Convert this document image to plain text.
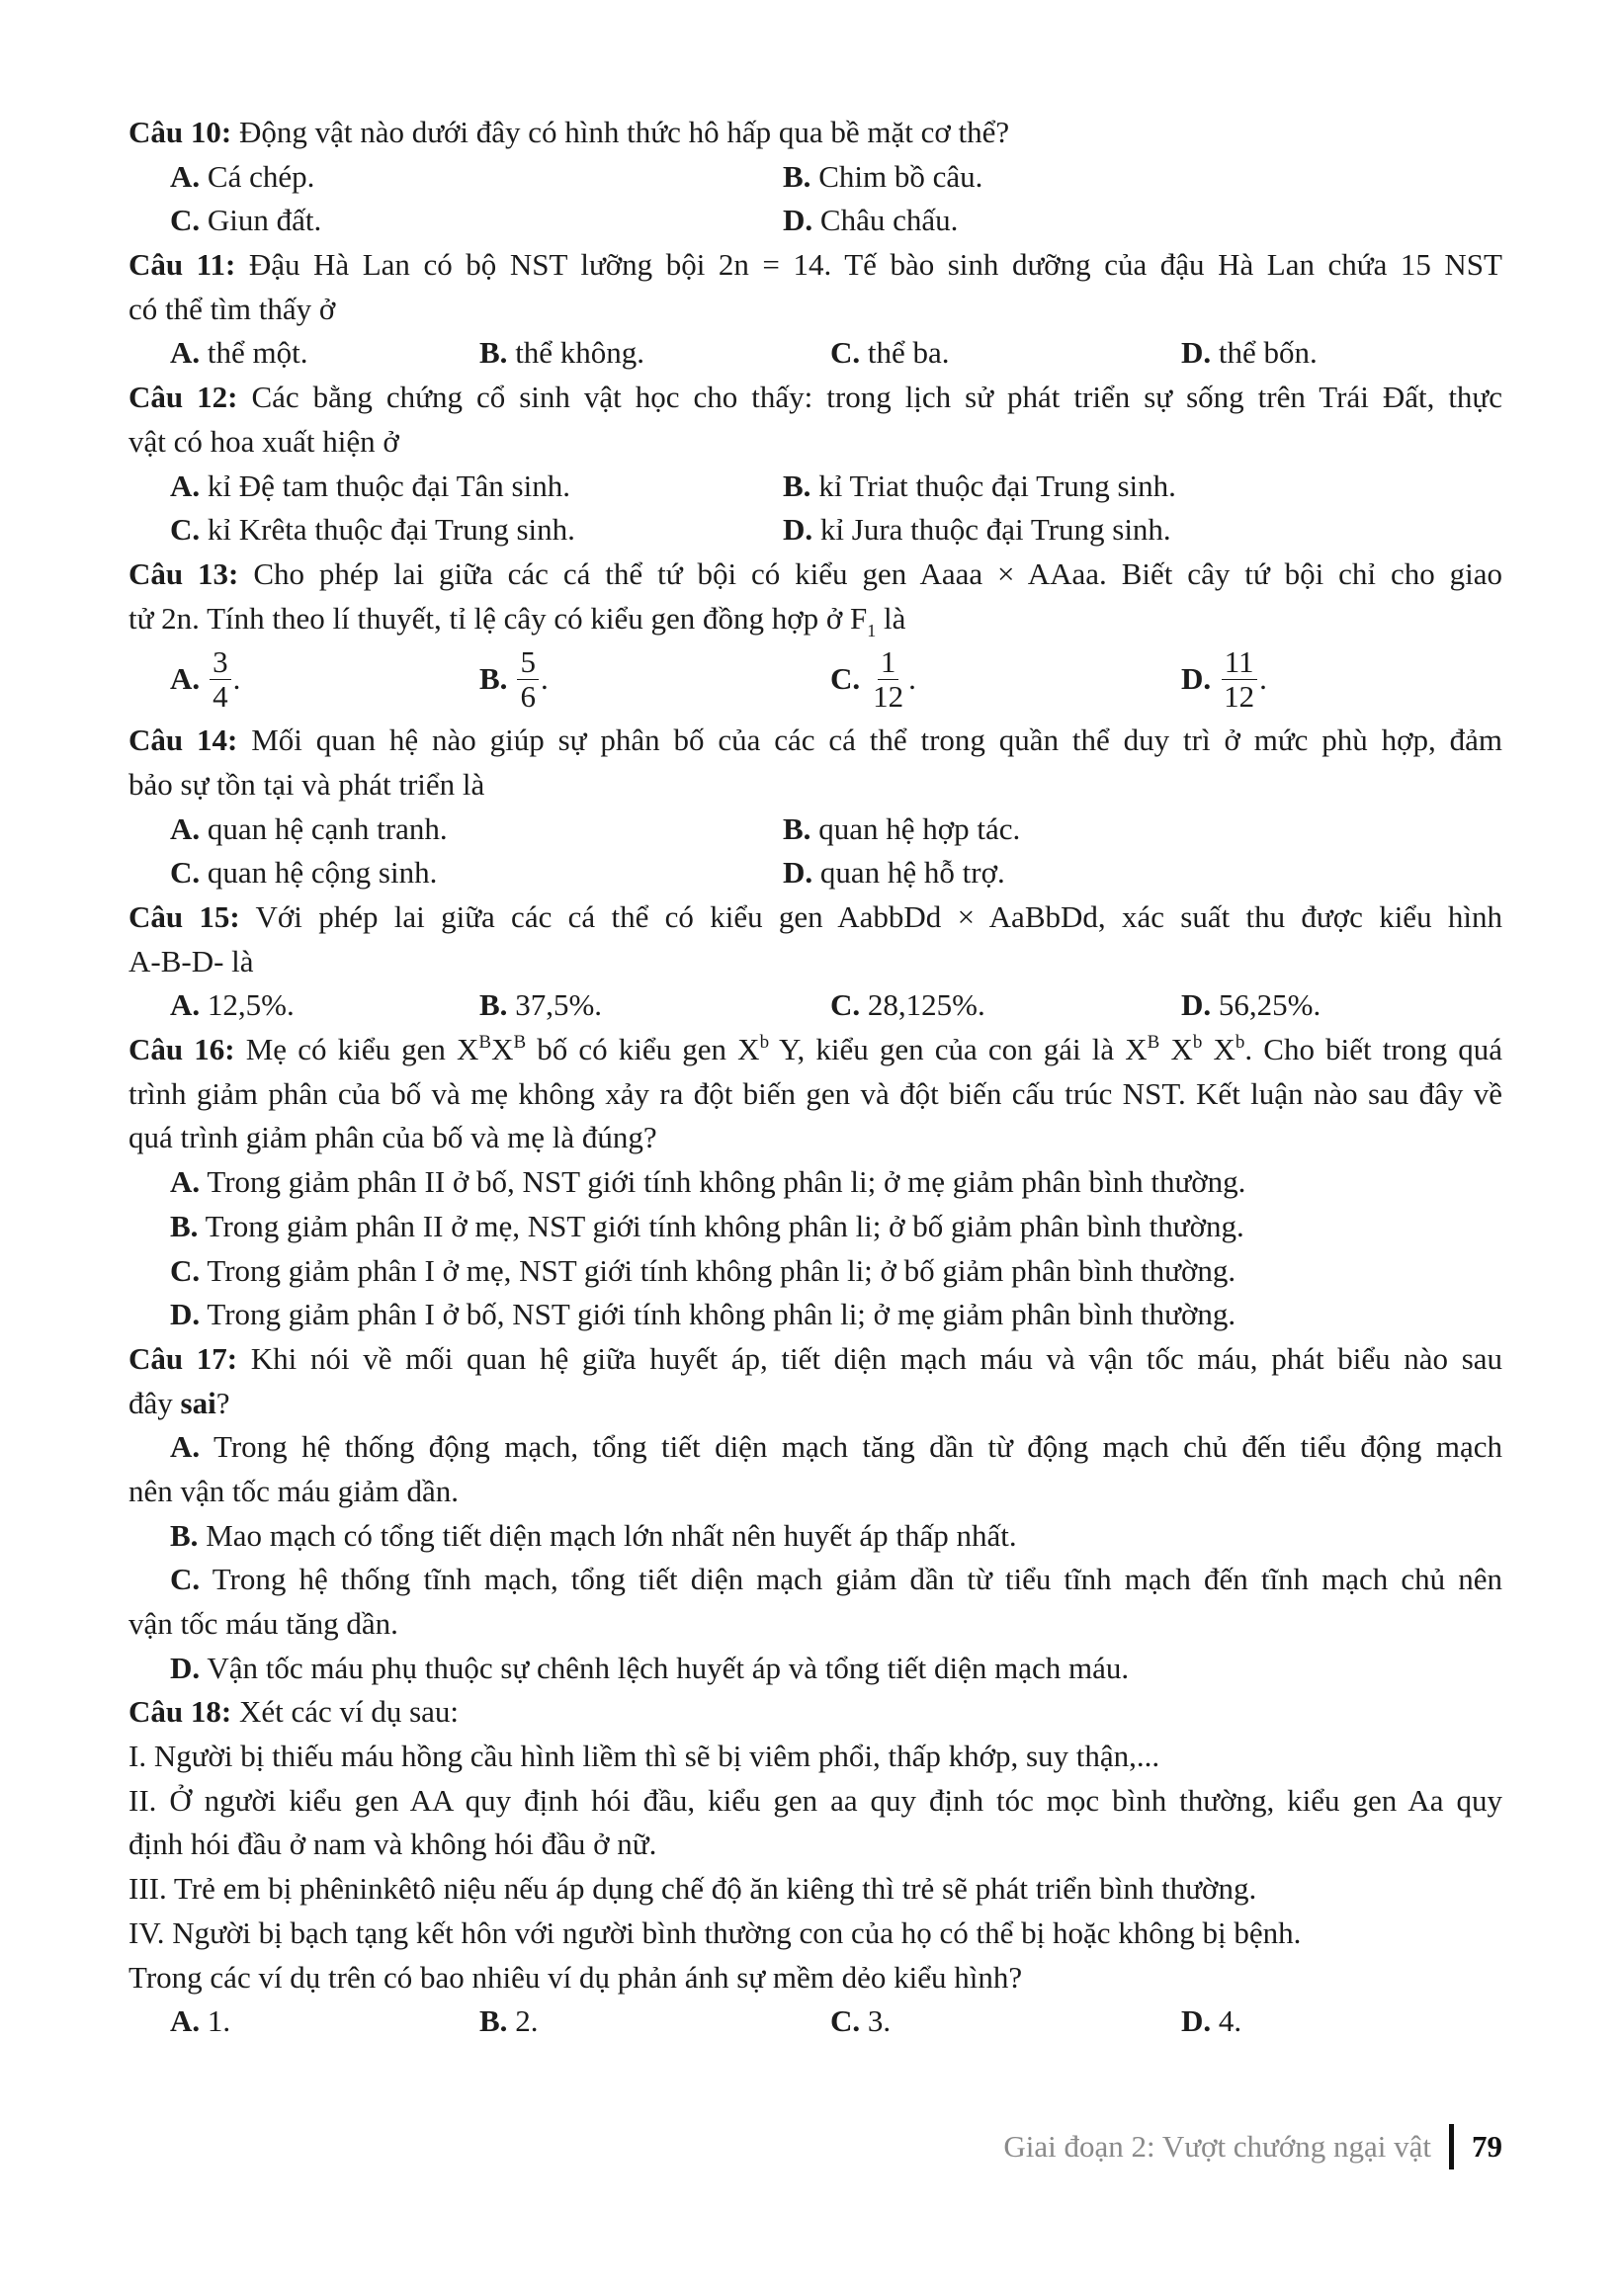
Câu 10: Động vật nào dưới đây có hình thức hô hấp qua bề mặt cơ thể?
A. Cá chép.	B. Chim bồ câu.
C. Giun đất.	D. Châu chấu.
Câu 11: Đậu Hà Lan có bộ NST lưỡng bội 2n = 14. Tế bào sinh dưỡng của đậu Hà Lan chứa 15 NST
có thể tìm thấy ở
A. thể một.	B. thể không.	C. thể ba.	D. thể bốn.
Câu 12: Các bằng chứng cổ sinh vật học cho thấy: trong lịch sử phát triển sự sống trên Trái Đất, thực
vật có hoa xuất hiện ở
A. kỉ Đệ tam thuộc đại Tân sinh.	B. kỉ Triat thuộc đại Trung sinh.
C. kỉ Krêta thuộc đại Trung sinh.	D. kỉ Jura thuộc đại Trung sinh.
Câu 13: Cho phép lai giữa các cá thể tứ bội có kiểu gen Aaaa × AAaa. Biết cây tứ bội chỉ cho giao
tử 2n. Tính theo lí thuyết, tỉ lệ cây có kiểu gen đồng hợp ở $F_1$ là
A. $\frac{3}{4}$ .	B. $\frac{5}{6}$ .	C. $\frac{1}{12}$ .	D. $\frac{11}{12}$ .
Câu 14: Mối quan hệ nào giúp sự phân bố của các cá thể trong quần thể duy trì ở mức phù hợp, đảm
bảo sự tồn tại và phát triển là
A. quan hệ cạnh tranh.	B. quan hệ hợp tác.
C. quan hệ cộng sinh.	D. quan hệ hỗ trợ.
Câu 15: Với phép lai giữa các cá thể có kiểu gen AabbDd × AaBbDd, xác suất thu được kiểu hình
A-B-D- là
A. 12,5%.	B. 37,5%.	C. 28,125%.	D. 56,25%.
Câu 16: Mẹ có kiểu gen $X^BX^B$ bố có kiểu gen $X^b$ Y, kiểu gen của con gái là $X^B$ $X^b$ $X^b$. Cho biết trong quá
trình giảm phân của bố và mẹ không xảy ra đột biến gen và đột biến cấu trúc NST. Kết luận nào sau đây về
quá trình giảm phân của bố và mẹ là đúng?
A. Trong giảm phân II ở bố, NST giới tính không phân li; ở mẹ giảm phân bình thường.
B. Trong giảm phân II ở mẹ, NST giới tính không phân li; ở bố giảm phân bình thường.
C. Trong giảm phân I ở mẹ, NST giới tính không phân li; ở bố giảm phân bình thường.
D. Trong giảm phân I ở bố, NST giới tính không phân li; ở mẹ giảm phân bình thường.
Câu 17: Khi nói về mối quan hệ giữa huyết áp, tiết diện mạch máu và vận tốc máu, phát biểu nào sau
đây sai?
A. Trong hệ thống động mạch, tổng tiết diện mạch tăng dần từ động mạch chủ đến tiểu động mạch
nên vận tốc máu giảm dần.
B. Mao mạch có tổng tiết diện mạch lớn nhất nên huyết áp thấp nhất.
C. Trong hệ thống tĩnh mạch, tổng tiết diện mạch giảm dần từ tiểu tĩnh mạch đến tĩnh mạch chủ nên
vận tốc máu tăng dần.
D. Vận tốc máu phụ thuộc sự chênh lệch huyết áp và tổng tiết diện mạch máu.
Câu 18: Xét các ví dụ sau:
I. Người bị thiếu máu hồng cầu hình liềm thì sẽ bị viêm phổi, thấp khớp, suy thận,...
II. Ở người kiểu gen AA quy định hói đầu, kiểu gen aa quy định tóc mọc bình thường, kiểu gen Aa quy
định hói đầu ở nam và không hói đầu ở nữ.
III. Trẻ em bị phêninkêtô niệu nếu áp dụng chế độ ăn kiêng thì trẻ sẽ phát triển bình thường.
IV. Người bị bạch tạng kết hôn với người bình thường con của họ có thể bị hoặc không bị bệnh.
Trong các ví dụ trên có bao nhiêu ví dụ phản ánh sự mềm dẻo kiểu hình?
A. 1.	B. 2.	C. 3.	D. 4.
Giai đoạn 2: Vượt chướng ngại vật 79
